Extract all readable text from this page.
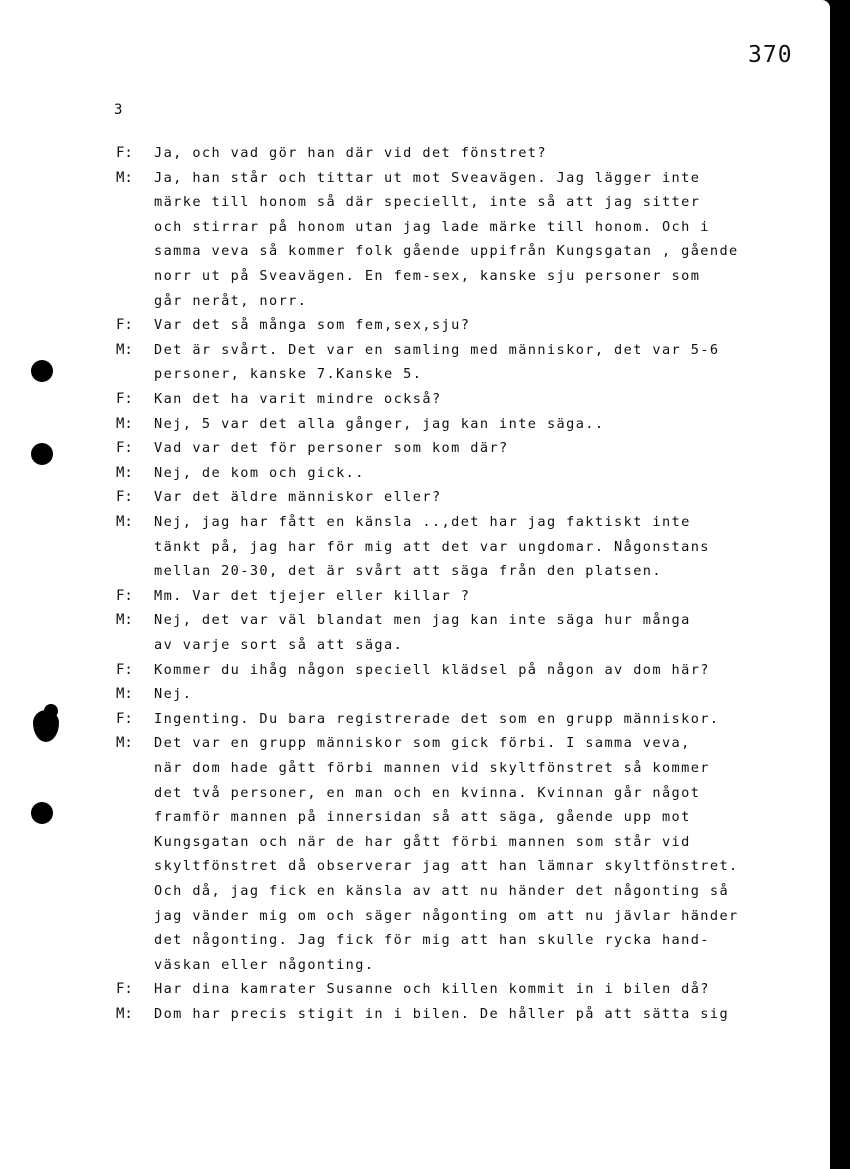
370
3
F: Ja, och vad gör han där vid det fönstret?
M: Ja, han står och tittar ut mot Sveavägen. Jag lägger inte
märke till honom så där speciellt, inte så att jag sitter
och stirrar på honom utan jag lade märke till honom. Och i
samma veva så kommer folk gående uppifrån Kungsgatan , gående
norr ut på Sveavägen. En fem-sex, kanske sju personer som
går neråt, norr.
F: Var det så många som fem,sex,sju?
M: Det är svårt. Det var en samling med människor, det var 5-6
personer, kanske 7.Kanske 5.
F: Kan det ha varit mindre också?
M: Nej, 5 var det alla gånger, jag kan inte säga..
F: Vad var det för personer som kom där?
M: Nej, de kom och gick..
F: Var det äldre människor eller?
M: Nej, jag har fått en känsla ..,det har jag faktiskt inte
tänkt på, jag har för mig att det var ungdomar. Någonstans
mellan 20-30, det är svårt att säga från den platsen.
F: Mm. Var det tjejer eller killar ?
M: Nej, det var väl blandat men jag kan inte säga hur många
av varje sort så att säga.
F: Kommer du ihåg någon speciell klädsel på någon av dom här?
M: Nej.
F: Ingenting. Du bara registrerade det som en grupp människor.
M: Det var en grupp människor som gick förbi. I samma veva,
när dom hade gått förbi mannen vid skyltfönstret så kommer
det två personer, en man och en kvinna. Kvinnan går något
framför mannen på innersidan så att säga, gående upp mot
Kungsgatan och när de har gått förbi mannen som står vid
skyltfönstret då observerar jag att han lämnar skyltfönstret.
Och då, jag fick en känsla av att nu händer det någonting så
jag vänder mig om och säger någonting om att nu jävlar händer
det någonting. Jag fick för mig att han skulle rycka hand-
väskan eller någonting.
F: Har dina kamrater Susanne och killen kommit in i bilen då?
M: Dom har precis stigit in i bilen. De håller på att sätta sig
